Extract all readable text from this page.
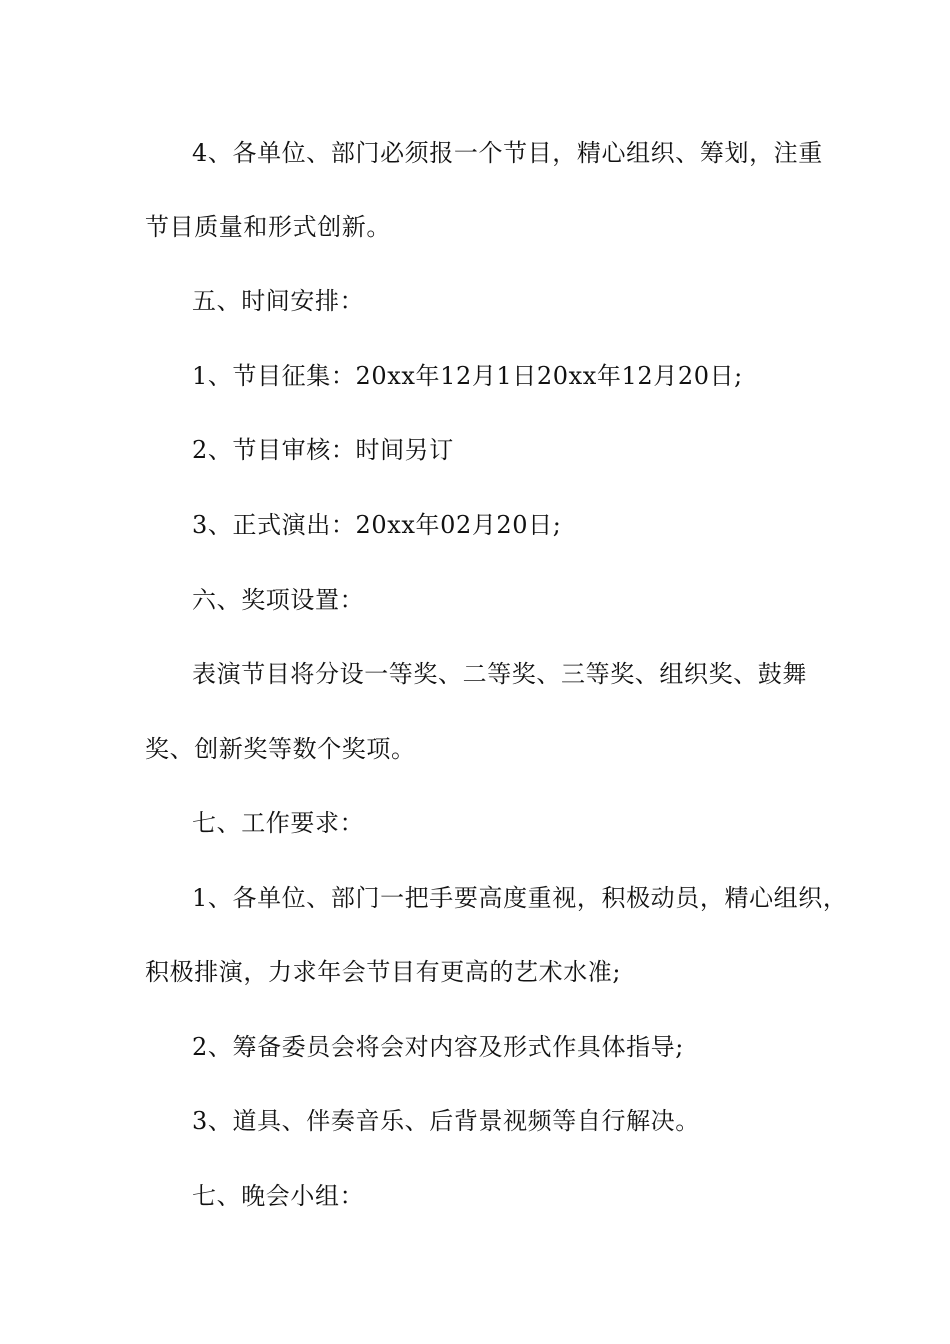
4、各单位、部门必须报一个节目，精心组织、筹划，注重
节目质量和形式创新。
五、时间安排：
1、节目征集：20xx年12月1日20xx年12月20日;
2、节目审核：时间另订
3、正式演出：20xx年02月20日;
六、奖项设置：
表演节目将分设一等奖、二等奖、三等奖、组织奖、鼓舞
奖、创新奖等数个奖项。
七、工作要求：
1、各单位、部门一把手要高度重视，积极动员，精心组织，
积极排演，力求年会节目有更高的艺术水准;
2、筹备委员会将会对内容及形式作具体指导;
3、道具、伴奏音乐、后背景视频等自行解决。
七、晚会小组：
